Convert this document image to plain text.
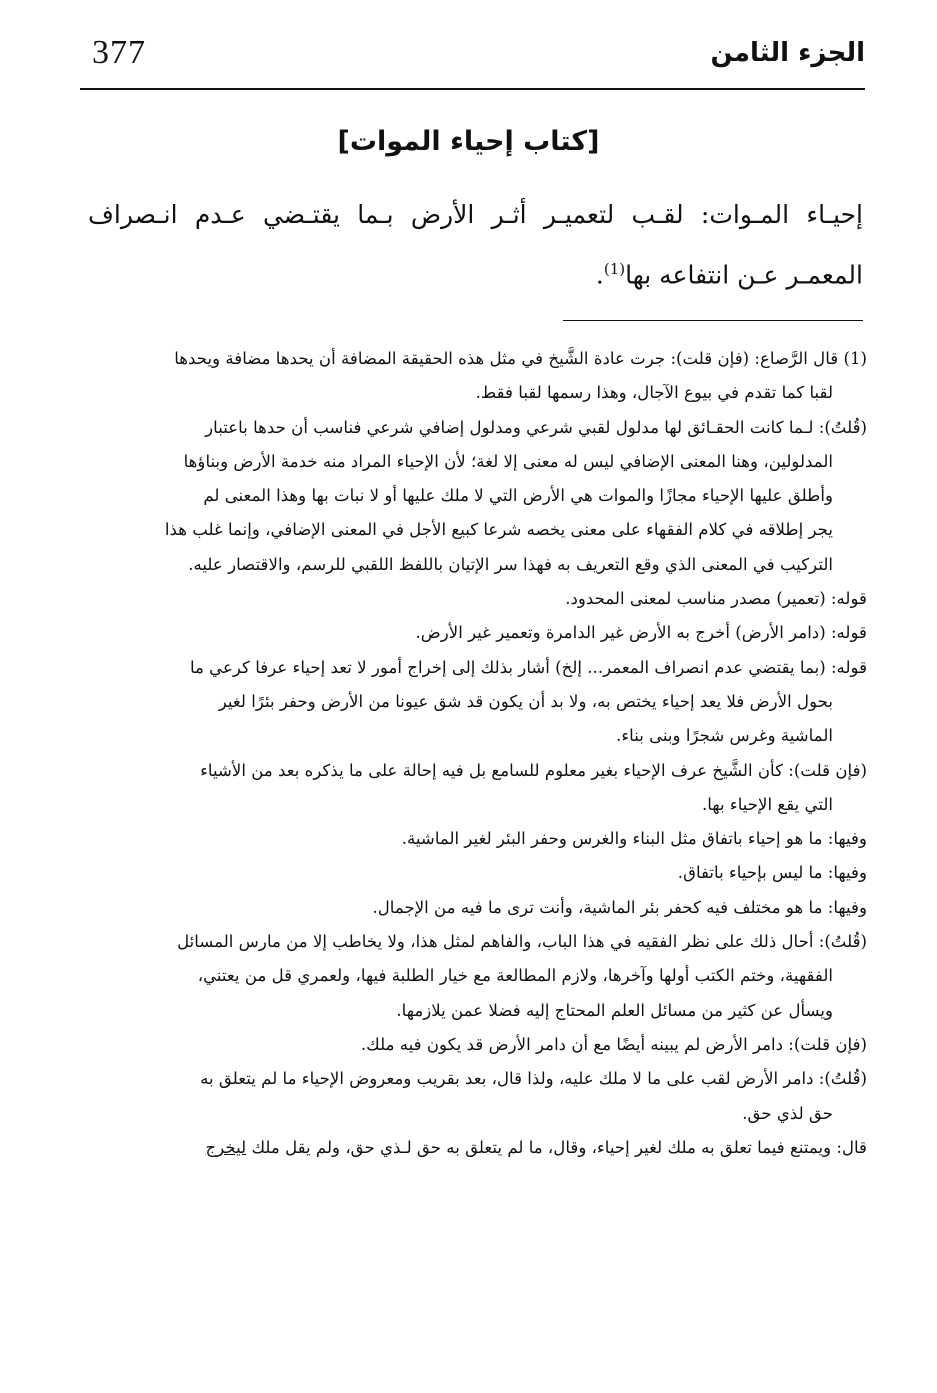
377	الجزء الثامن
[كتاب إحياء الموات]
إحيـاء المـوات: لقـب لتعميـر أثـر الأرض بـما يقتـضي عـدم انـصراف المعمـر عـن انتفاعه بها$^{(1)}$.
(1) قال الرَّصاع: (فإن قلت): جرت عادة الشَّيخ في مثل هذه الحقيقة المضافة أن يحدها مضافة ويحدها
لقبا كما تقدم في بيوع الآجال، وهذا رسمها لقبا فقط.
(قُلتُ): لـما كانت الحقـائق لها مدلول لقبي شرعي ومدلول إضافي شرعي فناسب أن حدها باعتبار
المدلولين، وهنا المعنى الإضافي ليس له معنى إلا لغة؛ لأن الإحياء المراد منه خدمة الأرض وبناؤها
وأطلق عليها الإحياء مجازًا والموات هي الأرض التي لا ملك عليها أو لا نبات بها وهذا المعنى لم
يجر إطلاقه في كلام الفقهاء على معنى يخصه شرعا كبيع الأجل في المعنى الإضافي، وإنما غلب هذا
التركيب في المعنى الذي وقع التعريف به فهذا سر الإتيان باللفظ اللقبي للرسم، والاقتصار عليه.
قوله: (تعمير) مصدر مناسب لمعنى المحدود.
قوله: (دامر الأرض) أخرج به الأرض غير الدامرة وتعمير غير الأرض.
قوله: (بما يقتضي عدم انصراف المعمر... إلخ) أشار بذلك إلى إخراج أمور لا تعد إحياء عرفا كرعي ما
بحول الأرض فلا يعد إحياء يختص به، ولا بد أن يكون قد شق عيونا من الأرض وحفر بئرًا لغير
الماشية وغرس شجرًا وبنى بناء.
(فإن قلت): كأن الشَّيخ عرف الإحياء بغير معلوم للسامع بل فيه إحالة على ما يذكره بعد من الأشياء
التي يقع الإحياء بها.
وفيها: ما هو إحياء باتفاق مثل البناء والغرس وحفر البئر لغير الماشية.
وفيها: ما ليس بإحياء باتفاق.
وفيها: ما هو مختلف فيه كحفر بئر الماشية، وأنت ترى ما فيه من الإجمال.
(قُلتُ): أحال ذلك على نظر الفقيه في هذا الباب، والفاهم لمثل هذا، ولا يخاطب إلا من مارس المسائل
الفقهية، وختم الكتب أولها وآخرها، ولازم المطالعة مع خيار الطلبة فيها، ولعمري قل من يعتني،
ويسأل عن كثير من مسائل العلم المحتاج إليه فضلا عمن يلازمها.
(فإن قلت): دامر الأرض لم يبينه أيضًا مع أن دامر الأرض قد يكون فيه ملك.
(قُلتُ): دامر الأرض لقب على ما لا ملك عليه، ولذا قال، بعد بقريب ومعروض الإحياء ما لم يتعلق به
حق لذي حق.
قال: ويمتنع فيما تعلق به ملك لغير إحياء، وقال، ما لم يتعلق به حق لـذي حق، ولم يقل ملك ليخرج
